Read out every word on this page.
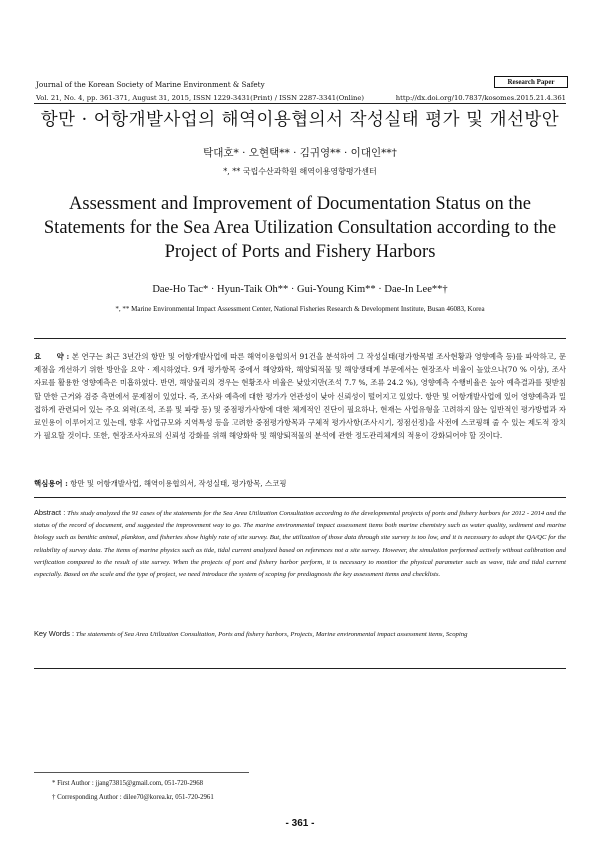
Journal of the Korean Society of Marine Environment & Safety	Research Paper
Vol. 21, No. 4, pp. 361-371, August 31, 2015, ISSN 1229-3431(Print) / ISSN 2287-3341(Online)	http://dx.doi.org/10.7837/kosomes.2015.21.4.361
항만 · 어항개발사업의 해역이용협의서 작성실태 평가 및 개선방안
탁대호* · 오현택** · 김귀영** · 이대인**†
*, ** 국립수산과학원 해역이용영향평가센터
Assessment and Improvement of Documentation Status on the Statements for the Sea Area Utilization Consultation according to the Project of Ports and Fishery Harbors
Dae-Ho Tac* · Hyun-Taik Oh** · Gui-Young Kim** · Dae-In Lee**†
*, ** Marine Environmental Impact Assessment Center, National Fisheries Research & Development Institute, Busan 46083, Korea
요　　약 : 본 연구는 최근 3년간의 항만 및 어항개발사업에 따른 해역이용협의서 91건을 분석하여 그 작성실태(평가항목별 조사현황과 영향예측 등)를 파악하고, 문제점을 개선하기 위한 방안을 요약 · 제시하였다. 9개 평가항목 중에서 해양화학, 해양퇴적물 및 해양생태계 부문에서는 현장조사 비율이 높았으나(70 % 이상), 조사자료를 활용한 영향예측은 미흡하였다. 반면, 해양물리의 경우는 현황조사 비율은 낮았지만(조석 7.7 %, 조류 24.2 %), 영향예측 수행비율은 높아 예측결과를 뒷받침할 만한 근거와 검증 측면에서 문제점이 있었다. 즉, 조사와 예측에 대한 평가가 연관성이 낮아 신뢰성이 떨어지고 있었다. 항만 및 어항개발사업에 있어 영향예측과 밀접하게 관련되어 있는 주요 외력(조석, 조류 및 파랑 등) 및 중점평가사항에 대한 체계적인 진단이 필요하나, 현재는 사업유형을 고려하지 않는 일반적인 평가방법과 자료인용이 이루어지고 있는데, 향후 사업규모와 지역특성 등을 고려한 중점평가항목과 구체적 평가사항(조사시기, 정점선정)을 사전에 스코핑해 줄 수 있는 제도적 장치가 필요할 것이다. 또한, 현장조사자료의 신뢰성 강화를 위해 해양화학 및 해양퇴적물의 분석에 관한 정도관리체계의 적용이 강화되어야 할 것이다.
핵심용어 : 항만 및 어항개발사업, 해역이용협의서, 작성실태, 평가항목, 스코핑
Abstract : This study analyzed the 91 cases of the statements for the Sea Area Utilization Consultation according to the developmental projects of ports and fishery harbors for 2012 - 2014 and the status of the record of document, and suggested the improvement way to go. The marine environmental impact assessment items both marine chemistry such as water quality, sediment and marine biology such as benthic animal, plankton, and fisheries show highly rate of site survey. But, the utilization of those data through site survey is too low, and it is necessary to adopt the QA/QC for the reliability of survey data. The items of marine physics such as tide, tidal current analyzed based on references not a site survey. However, the simulation performed actively without calibration and verification compared to the result of site survey. When the projects of port and fishery harbor perform, it is necessary to monitor the physical parameter such as wave, tide and tidal current especially. Based on the scale and the type of project, we need introduce the system of scoping for prediagnosis the key assessment items and checklists.
Key Words : The statements of Sea Area Utilization Consultation, Ports and fishery harbors, Projects, Marine environmental impact assessment items, Scoping
* First Author : jjang73815@gmail.com, 051-720-2968
† Corresponding Author : dilee70@korea.kr, 051-720-2961
- 361 -
